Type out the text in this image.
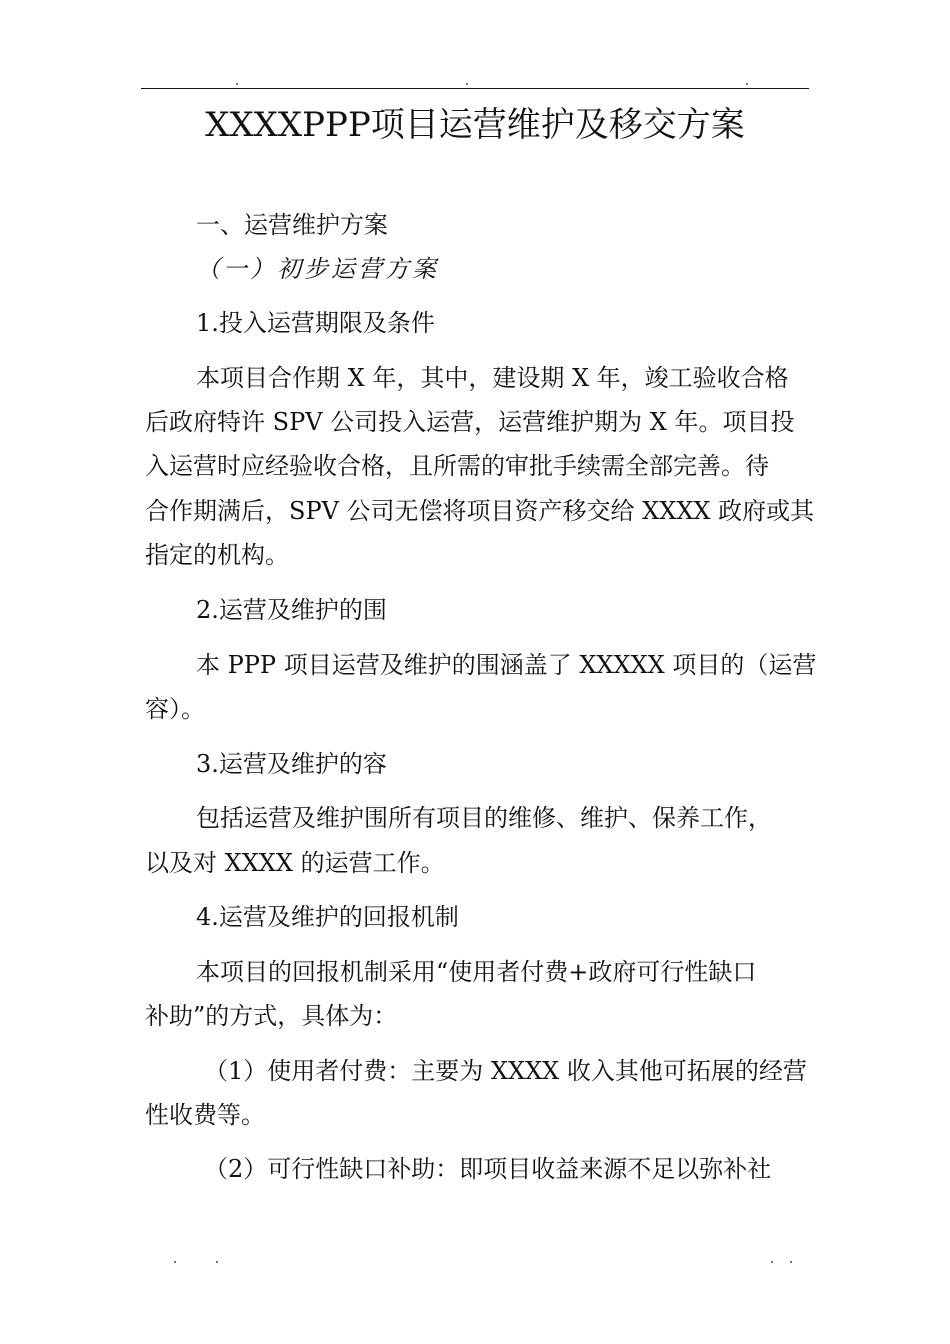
XXXXPPP项目运营维护及移交方案

一、运营维护方案

（一）初步运营方案

1.投入运营期限及条件

本项目合作期 X 年，其中，建设期 X 年，竣工验收合格

后政府特许 SPV 公司投入运营，运营维护期为 X 年。项目投

入运营时应经验收合格，且所需的审批手续需全部完善。待

合作期满后，SPV 公司无偿将项目资产移交给 XXXX 政府或其

指定的机构。

2.运营及维护的围

本 PPP 项目运营及维护的围涵盖了 XXXXX 项目的（运营

容）。

3.运营及维护的容

包括运营及维护围所有项目的维修、维护、保养工作，

以及对 XXXX 的运营工作。

4.运营及维护的回报机制

本项目的回报机制采用“使用者付费+政府可行性缺口

补助”的方式，具体为：

（1）使用者付费：主要为 XXXX 收入其他可拓展的经营

性收费等。

（2）可行性缺口补助：即项目收益来源不足以弥补社
